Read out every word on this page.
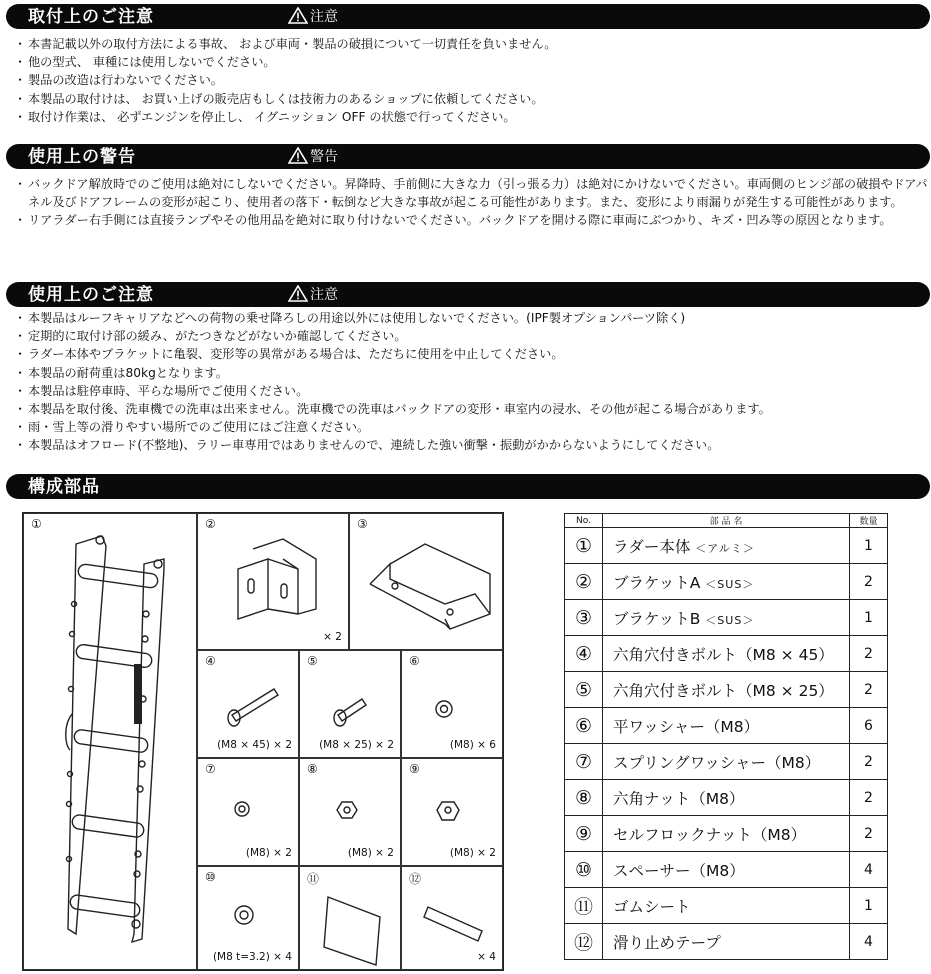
取付上のご注意	注意
・ 本書記載以外の取付方法による事故、 および車両・製品の破損について一切責任を負いません。
・ 他の型式、 車種には使用しないでください。
・ 製品の改造は行わないでください。
・ 本製品の取付けは、 お買い上げの販売店もしくは技術力のあるショップに依頼してください。
・ 取付け作業は、 必ずエンジンを停止し、 イグニッション OFF の状態で行ってください。
使用上の警告	警告
・ バックドア解放時でのご使用は絶対にしないでください。昇降時、手前側に大きな力（引っ張る力）は絶対にかけないでください。車両側のヒンジ部の破損やドアパネル及びドアフレームの変形が起こり、使用者の落下・転倒など大きな事故が起こる可能性があります。また、変形により雨漏りが発生する可能性があります。
・ リアラダー右手側には直接ランプやその他用品を絶対に取り付けないでください。バックドアを開ける際に車両にぶつかり、キズ・凹み等の原因となります。
使用上のご注意	注意
・ 本製品はルーフキャリアなどへの荷物の乗せ降ろしの用途以外には使用しないでください。(IPF製オプションパーツ除く)
・ 定期的に取付け部の緩み、がたつきなどがないか確認してください。
・ ラダー本体やブラケットに亀裂、変形等の異常がある場合は、ただちに使用を中止してください。
・ 本製品の耐荷重は80kgとなります。
・ 本製品は駐停車時、平らな場所でご使用ください。
・ 本製品を取付後、洗車機での洗車は出来ません。洗車機での洗車はバックドアの変形・車室内の浸水、その他が起こる場合があります。
・ 雨・雪上等の滑りやすい場所でのご使用にはご注意ください。
・ 本製品はオフロード(不整地)、ラリー車専用ではありませんので、連続した強い衝撃・振動がかからないようにしてください。
構成部品
①	②
× 2
③
④
(M8 × 45) × 2
⑤
(M8 × 25) × 2
⑥
(M8) × 6
⑦
(M8) × 2
⑧
(M8) × 2
⑨
(M8) × 2
⑩
(M8 t=3.2) × 4
⑪	⑫
× 4
No.	部 品 名	数量
①	ラダー本体 ＜アルミ＞	1
②	ブラケットA ＜SUS＞	2
③	ブラケットB ＜SUS＞	1
④	六角穴付きボルト（M8 × 45）	2
⑤	六角穴付きボルト（M8 × 25）	2
⑥	平ワッシャー（M8）	6
⑦	スプリングワッシャー（M8）	2
⑧	六角ナット（M8）	2
⑨	セルフロックナット（M8）	2
⑩	スペーサー（M8）	4
⑪	ゴムシート	1
⑫	滑り止めテープ	4
